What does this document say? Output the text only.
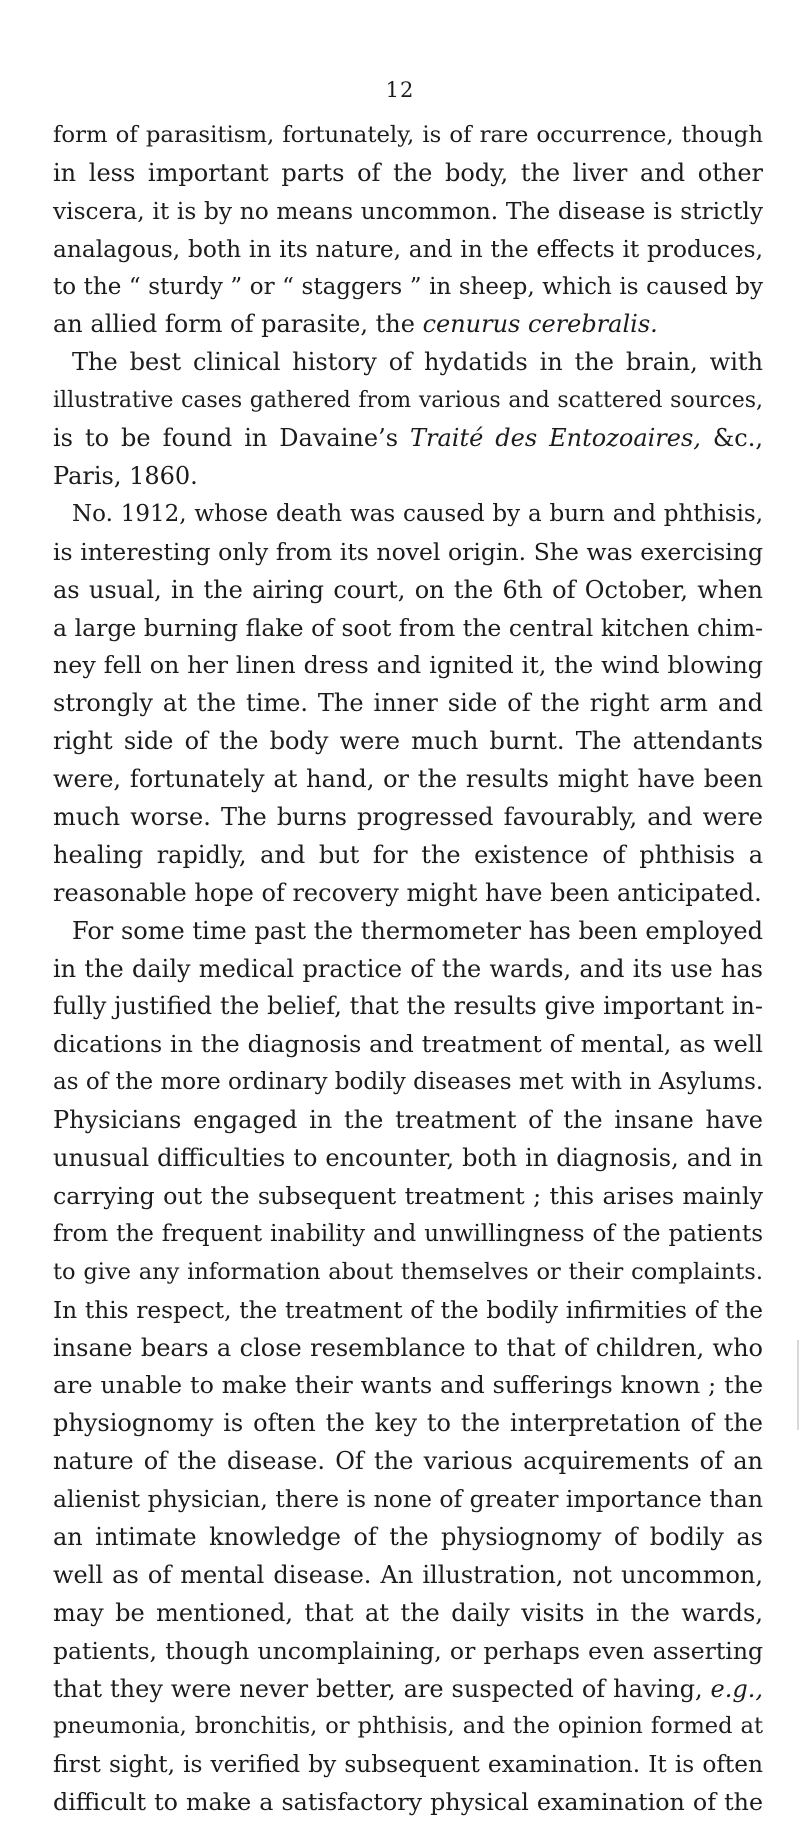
12
form of parasitism, fortunately, is of rare occurrence, though
in less important parts of the body, the liver and other
viscera, it is by no means uncommon. The disease is strictly
analagous, both in its nature, and in the effects it produces,
to the “ sturdy ” or “ staggers ” in sheep, which is caused by
an allied form of parasite, the cenurus cerebralis.
The best clinical history of hydatids in the brain, with
illustrative cases gathered from various and scattered sources,
is to be found in Davaine’s Traité des Entozoaires, &c.,
Paris, 1860.
No. 1912, whose death was caused by a burn and phthisis,
is interesting only from its novel origin. She was exercising
as usual, in the airing court, on the 6th of October, when
a large burning flake of soot from the central kitchen chim-
ney fell on her linen dress and ignited it, the wind blowing
strongly at the time. The inner side of the right arm and
right side of the body were much burnt. The attendants
were, fortunately at hand, or the results might have been
much worse. The burns progressed favourably, and were
healing rapidly, and but for the existence of phthisis a
reasonable hope of recovery might have been anticipated.
For some time past the thermometer has been employed
in the daily medical practice of the wards, and its use has
fully justified the belief, that the results give important in-
dications in the diagnosis and treatment of mental, as well
as of the more ordinary bodily diseases met with in Asylums.
Physicians engaged in the treatment of the insane have
unusual difficulties to encounter, both in diagnosis, and in
carrying out the subsequent treatment ; this arises mainly
from the frequent inability and unwillingness of the patients
to give any information about themselves or their complaints.
In this respect, the treatment of the bodily infirmities of the
insane bears a close resemblance to that of children, who
are unable to make their wants and sufferings known ; the
physiognomy is often the key to the interpretation of the
nature of the disease. Of the various acquirements of an
alienist physician, there is none of greater importance than
an intimate knowledge of the physiognomy of bodily as
well as of mental disease. An illustration, not uncommon,
may be mentioned, that at the daily visits in the wards,
patients, though uncomplaining, or perhaps even asserting
that they were never better, are suspected of having, e.g.,
pneumonia, bronchitis, or phthisis, and the opinion formed at
first sight, is verified by subsequent examination. It is often
difficult to make a satisfactory physical examination of the
